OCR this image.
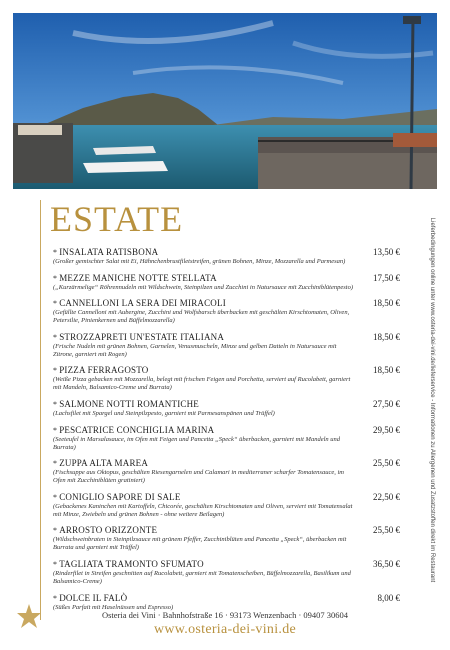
ESTATE
* INSALATA RATISBONA	13,50 €
(Großer gemischter Salat mit Ei, Hähnchenbrustfiletstreifen, grünen Bohnen, Minze, Mozzarella und Parmesan)
* MEZZE MANICHE NOTTE STELLATA	17,50 €
(„Kurzärmelige“ Röhrennudeln mit Wildschwein, Steinpilzen und Zucchini in Natursauce mit Zucchiniblütenpesto)
* CANNELLONI LA SERA DEI MIRACOLI	18,50 €
(Gefüllte Cannelloni mit Aubergine, Zucchini und Wolfsbarsch überbacken mit geschälten Kirschtomaten, Oliven, Petersilie, Pinienkernen und Büffelmozzarella)
* STROZZAPRETI UN'ESTATE ITALIANA	18,50 €
(Frische Nudeln mit grünen Bohnen, Garnelen, Venusmuscheln, Minze und gelben Datteln in Natursauce mit Zitrone, garniert mit Rogen)
* PIZZA FERRAGOSTO	18,50 €
(Weiße Pizza gebacken mit Mozzarella, belegt mit frischen Feigen und Porchetta, serviert auf Rucolabett, garniert mit Mandeln, Balsamico-Creme und Burrata)
* SALMONE NOTTI ROMANTICHE	27,50 €
(Lachsfilet mit Spargel und Steinpilzpesto, garniert mit Parmesanspänen und Trüffel)
* PESCATRICE CONCHIGLIA MARINA	29,50 €
(Seeteufel in Marsalasauce, im Ofen mit Feigen und Pancetta „Speck“ überbacken, garniert mit Mandeln und Burrata)
* ZUPPA ALTA MAREA	25,50 €
(Fischsuppe aus Oktopus, geschälten Riesengarnelen und Calamari in mediterraner scharfer Tomatensauce, im Ofen mit Zucchiniblüten gratiniert)
* CONIGLIO SAPORE DI SALE	22,50 €
(Gebackenes Kaninchen mit Kartoffeln, Chicorée, geschälten Kirschtomaten und Oliven, serviert mit Tomatensalat mit Minze, Zwiebeln und grünen Bohnen - ohne weitere Beilagen)
* ARROSTO ORIZZONTE	25,50 €
(Wildschweinbraten in Steinpilzsauce mit grünem Pfeffer, Zucchiniblüten und Pancetta „Speck“, überbacken mit Burrata und garniert mit Trüffel)
* TAGLIATA TRAMONTO SFUMATO	36,50 €
(Rinderfilet in Streifen geschnitten auf Rucolabett, garniert mit Tomatenscheiben, Büffelmozzarella, Basilikum und Balsamico-Creme)
* DOLCE IL FALÒ	8,00 €
(Süßes Parfait mit Haselnüssen und Espresso)
Lieferbedingungen online unter www.osteria-dei-vini.de/lieferservice - Informationen zu Allergenen und Zusatzstoffen direkt im Restaurant
Osteria dei Vini · Bahnhofstraße 16 · 93173 Wenzenbach · 09407 30604
www.osteria-dei-vini.de
